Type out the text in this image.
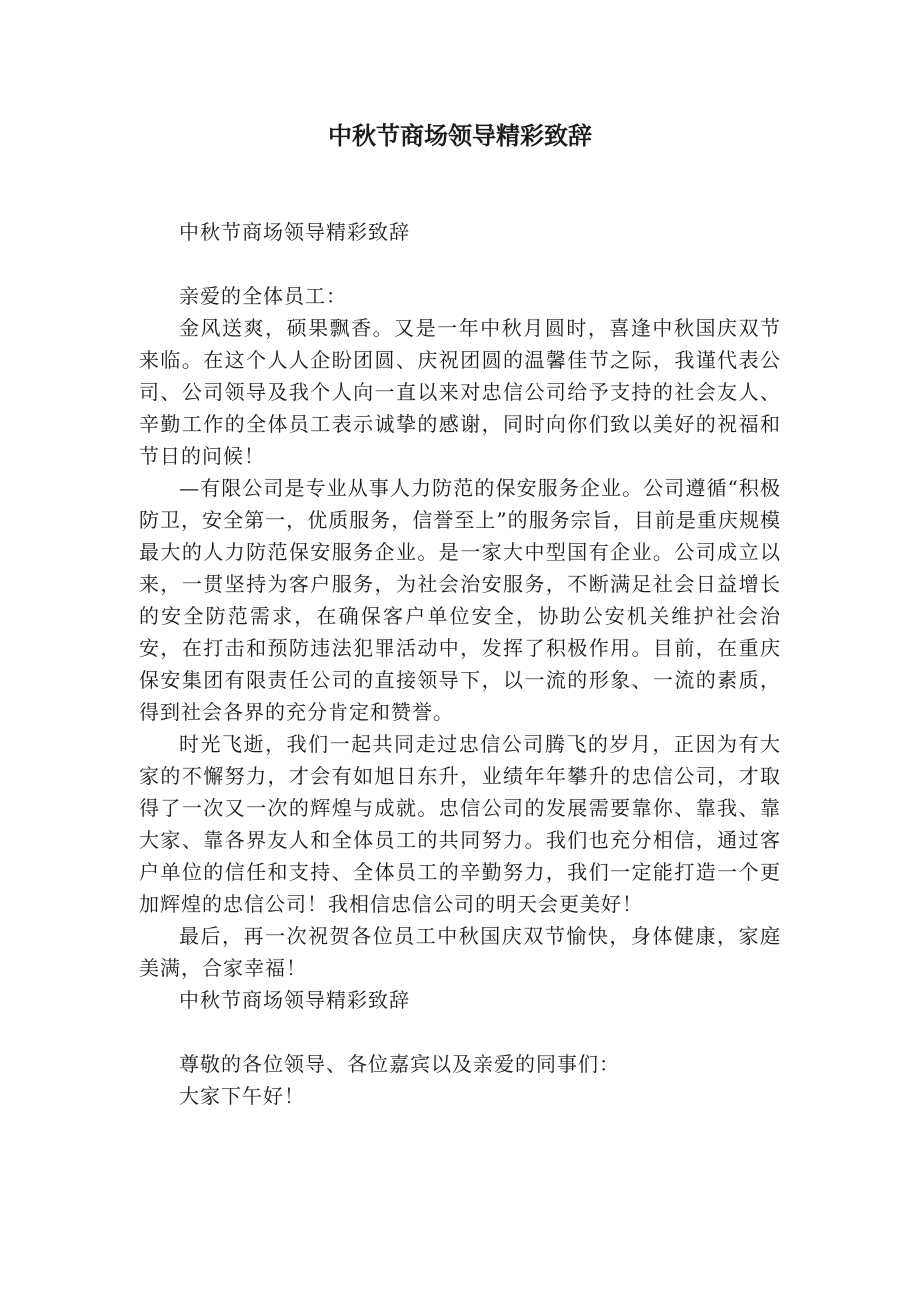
中秋节商场领导精彩致辞
中秋节商场领导精彩致辞
亲爱的全体员工：

金风送爽，硕果飘香。又是一年中秋月圆时，喜逢中秋国庆双节来临。在这个人人企盼团圆、庆祝团圆的温馨佳节之际，我谨代表公司、公司领导及我个人向一直以来对忠信公司给予支持的社会友人、辛勤工作的全体员工表示诚挚的感谢，同时向你们致以美好的祝福和节日的问候！

—有限公司是专业从事人力防范的保安服务企业。公司遵循“积极防卫，安全第一，优质服务，信誉至上”的服务宗旨，目前是重庆规模最大的人力防范保安服务企业。是一家大中型国有企业。公司成立以来，一贯坚持为客户服务，为社会治安服务，不断满足社会日益增长的安全防范需求，在确保客户单位安全，协助公安机关维护社会治安，在打击和预防违法犯罪活动中，发挥了积极作用。目前，在重庆保安集团有限责任公司的直接领导下，以一流的形象、一流的素质，得到社会各界的充分肯定和赞誉。

时光飞逝，我们一起共同走过忠信公司腾飞的岁月，正因为有大家的不懈努力，才会有如旭日东升，业绩年年攀升的忠信公司，才取得了一次又一次的辉煌与成就。忠信公司的发展需要靠你、靠我、靠大家、靠各界友人和全体员工的共同努力。我们也充分相信，通过客户单位的信任和支持、全体员工的辛勤努力，我们一定能打造一个更加辉煌的忠信公司！我相信忠信公司的明天会更美好！

最后，再一次祝贺各位员工中秋国庆双节愉快，身体健康，家庭美满，合家幸福！

中秋节商场领导精彩致辞
尊敬的各位领导、各位嘉宾以及亲爱的同事们：
大家下午好！
